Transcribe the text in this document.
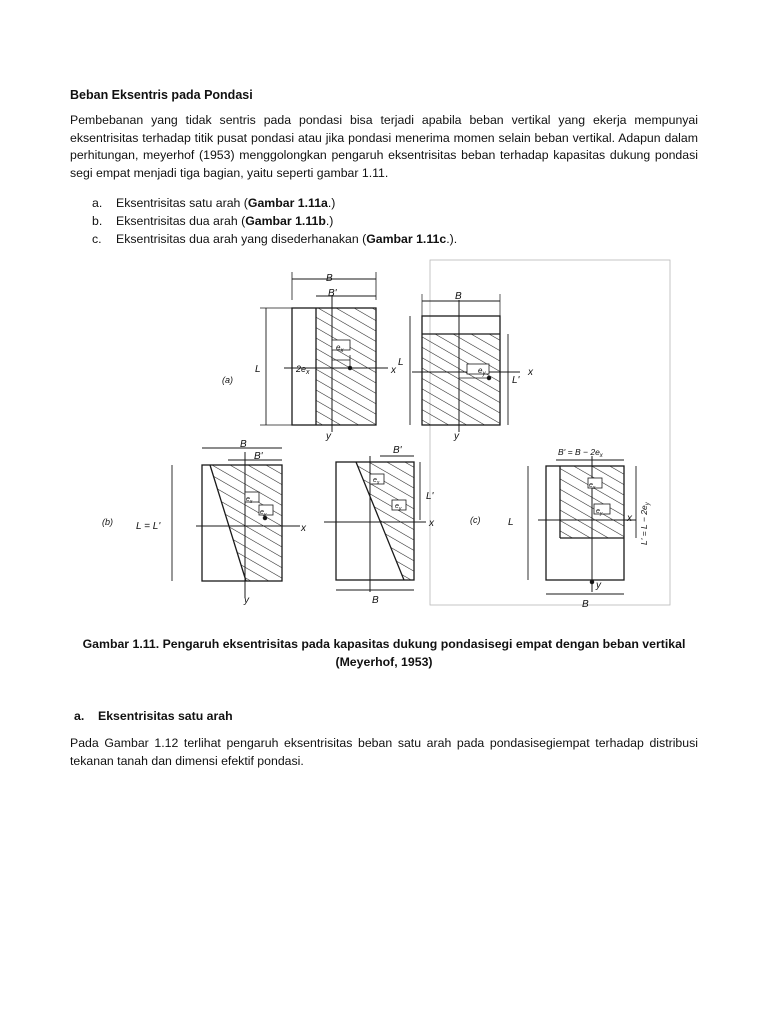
Beban Eksentris pada Pondasi
Pembebanan yang tidak sentris pada pondasi bisa terjadi apabila beban vertikal yang ekerja mempunyai eksentrisitas terhadap titik pusat pondasi atau jika pondasi menerima momen selain beban vertikal. Adapun dalam perhitungan, meyerhof (1953) menggolongkan pengaruh eksentrisitas beban terhadap kapasitas dukung pondasi segi empat menjadi tiga bagian, yaitu seperti gambar 1.11.
a.	Eksentrisitas satu arah (Gambar 1.11a.)
b.	Eksentrisitas dua arah (Gambar 1.11b.)
c.	Eksentrisitas dua arah yang disederhanakan (Gambar 1.11c.).
(a)
B
B'
L	$2e_x$
$e_x$
x
y
B
L
L'
$e_y$	x
y
B
B'
(b) L = L'
$e_x$
$e_y$
x
y
B'
L'
$e_x$
$e_y$
x
B
(c)
$B' = B - 2e_x$
L	$L' = L - 2e_y$
$e_x$
$e_y$ x
y
B
Gambar 1.11. Pengaruh eksentrisitas pada kapasitas dukung pondasisegi empat dengan beban vertikal
(Meyerhof, 1953)
a.	Eksentrisitas satu arah
Pada Gambar 1.12 terlihat pengaruh eksentrisitas beban satu arah pada pondasisegiempat terhadap distribusi tekanan tanah dan dimensi efektif pondasi.
